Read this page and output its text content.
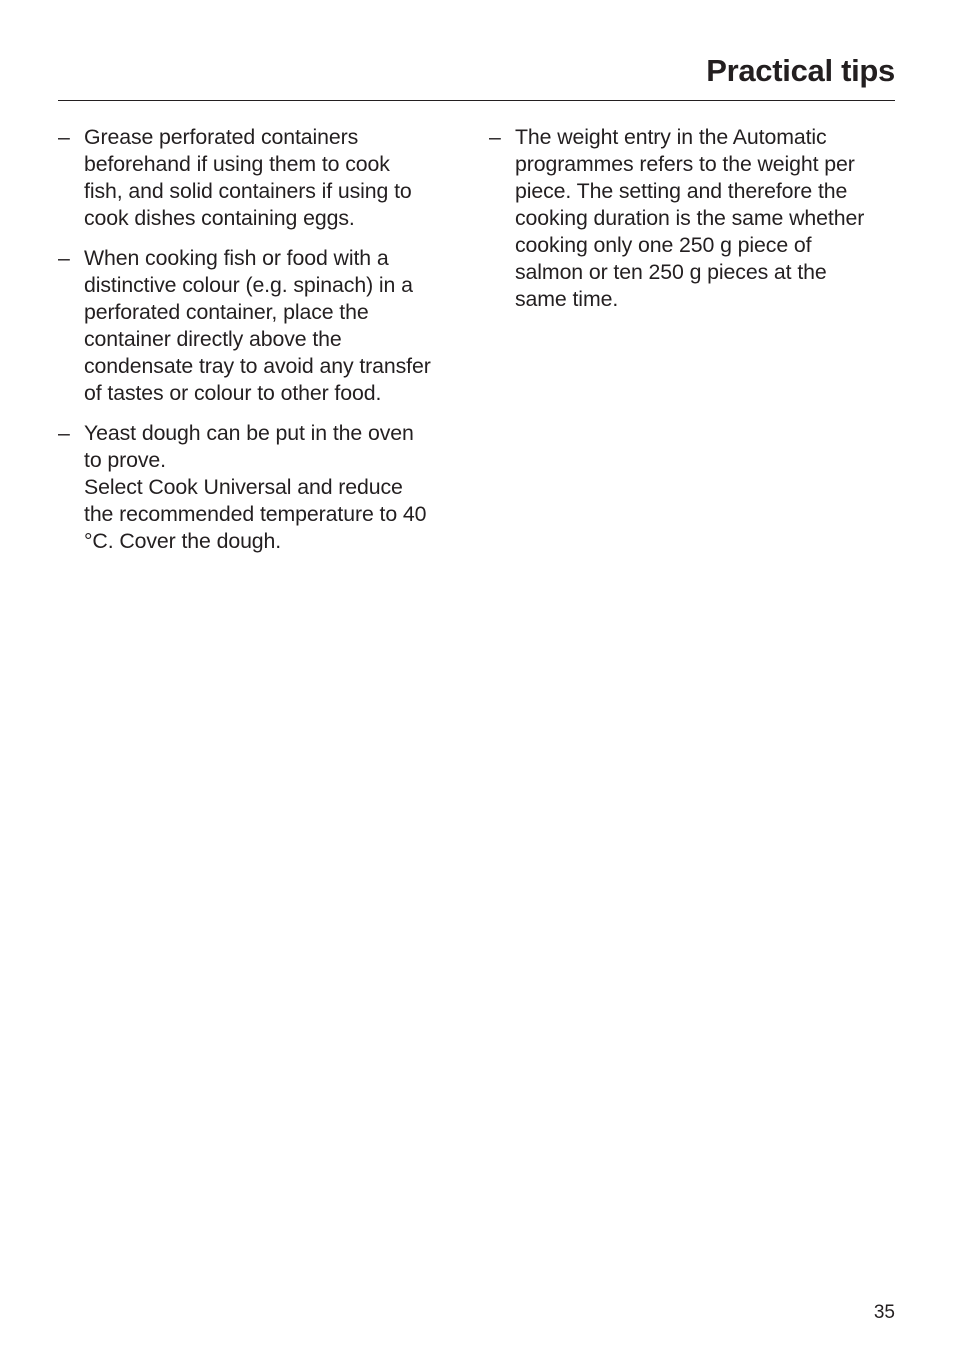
Practical tips
– Grease perforated containers
beforehand if using them to cook
fish, and solid containers if using to
cook dishes containing eggs.
– When cooking fish or food with a
distinctive colour (e.g. spinach) in a
perforated container, place the
container directly above the
condensate tray to avoid any transfer
of tastes or colour to other food.
– Yeast dough can be put in the oven
to prove.
Select Cook Universal and reduce
the recommended temperature to 40
°C. Cover the dough.
– The weight entry in the Automatic
programmes refers to the weight per
piece. The setting and therefore the
cooking duration is the same whether
cooking only one 250 g piece of
salmon or ten 250 g pieces at the
same time.
35
